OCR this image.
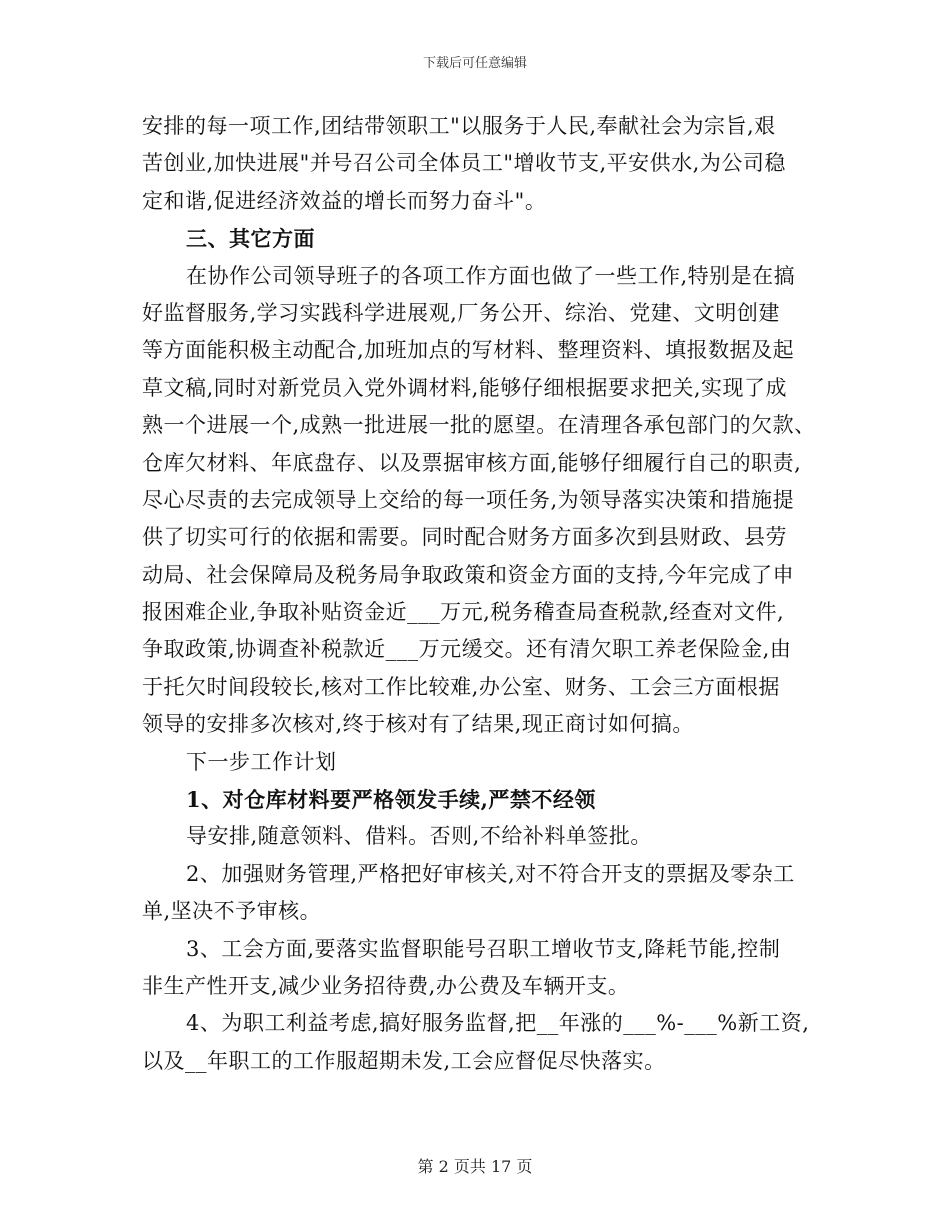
下载后可任意编辑
安排的每一项工作,团结带领职工"以服务于人民,奉献社会为宗旨,艰
苦创业,加快进展"并号召公司全体员工"增收节支,平安供水,为公司稳
定和谐,促进经济效益的增长而努力奋斗"。
三、其它方面
在协作公司领导班子的各项工作方面也做了一些工作,特别是在搞
好监督服务,学习实践科学进展观,厂务公开、综治、党建、文明创建
等方面能积极主动配合,加班加点的写材料、整理资料、填报数据及起
草文稿,同时对新党员入党外调材料,能够仔细根据要求把关,实现了成
熟一个进展一个,成熟一批进展一批的愿望。在清理各承包部门的欠款、
仓库欠材料、年底盘存、以及票据审核方面,能够仔细履行自己的职责,
尽心尽责的去完成领导上交给的每一项任务,为领导落实决策和措施提
供了切实可行的依据和需要。同时配合财务方面多次到县财政、县劳
动局、社会保障局及税务局争取政策和资金方面的支持,今年完成了申
报困难企业,争取补贴资金近___万元,税务稽查局查税款,经查对文件,
争取政策,协调查补税款近___万元缓交。还有清欠职工养老保险金,由
于托欠时间段较长,核对工作比较难,办公室、财务、工会三方面根据
领导的安排多次核对,终于核对有了结果,现正商讨如何搞。
下一步工作计划
1、对仓库材料要严格领发手续,严禁不经领
导安排,随意领料、借料。否则,不给补料单签批。
2、加强财务管理,严格把好审核关,对不符合开支的票据及零杂工
单,坚决不予审核。
3、工会方面,要落实监督职能号召职工增收节支,降耗节能,控制
非生产性开支,减少业务招待费,办公费及车辆开支。
4、为职工利益考虑,搞好服务监督,把__年涨的___%-___%新工资,
以及__年职工的工作服超期未发,工会应督促尽快落实。
第 2 页共 17 页
